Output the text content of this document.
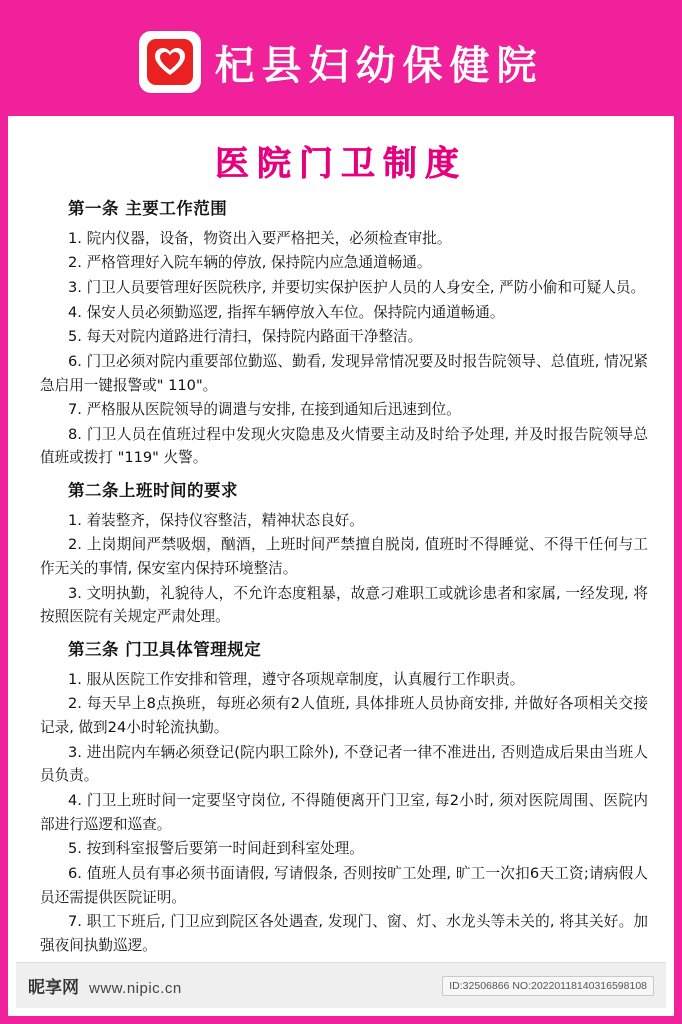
杞县妇幼保健院
医院门卫制度
第一条 主要工作范围

1. 院内仪器，设备，物资出入要严格把关，必须检查审批。

2. 严格管理好入院车辆的停放, 保持院内应急通道畅通。

3. 门卫人员要管理好医院秩序, 并要切实保护医护人员的人身安全, 严防小偷和可疑人员。

4. 保安人员必须勤巡逻, 指挥车辆停放入车位。保持院内通道畅通。

5. 每天对院内道路进行清扫，保持院内路面干净整洁。

6. 门卫必须对院内重要部位勤巡、勤看, 发现异常情况要及时报告院领导、总值班, 情况紧急启用一键报警或" 110"。

7. 严格服从医院领导的调遣与安排, 在接到通知后迅速到位。

8. 门卫人员在值班过程中发现火灾隐患及火情要主动及时给予处理, 并及时报告院领导总值班或拨打 "119" 火警。

第二条上班时间的要求

1. 着装整齐，保持仪容整洁，精神状态良好。

2. 上岗期间严禁吸烟，酗酒，上班时间严禁擅自脱岗, 值班时不得睡觉、不得干任何与工作无关的事情, 保安室内保持环境整洁。

3. 文明执勤，礼貌待人，不允许态度粗暴，故意刁难职工或就诊患者和家属, 一经发现, 将按照医院有关规定严肃处理。

第三条 门卫具体管理规定

1. 服从医院工作安排和管理，遵守各项规章制度，认真履行工作职责。

2. 每天早上8点换班，每班必须有2人值班, 具体排班人员协商安排, 并做好各项相关交接记录, 做到24小时轮流执勤。

3. 进出院内车辆必须登记(院内职工除外), 不登记者一律不准进出, 否则造成后果由当班人员负责。

4. 门卫上班时间一定要坚守岗位, 不得随便离开门卫室, 每2小时, 须对医院周围、医院内部进行巡逻和巡查。

5. 按到科室报警后要第一时间赶到科室处理。

6. 值班人员有事必须书面请假, 写请假条, 否则按旷工处理, 旷工一次扣6天工资;请病假人员还需提供医院证明。

7. 职工下班后, 门卫应到院区各处遇查, 发现门、窗、灯、水龙头等未关的, 将其关好。加强夜间执勤巡逻。

昵享网 www.nipic.cn	ID:32506866 NO:20220118140316598108
